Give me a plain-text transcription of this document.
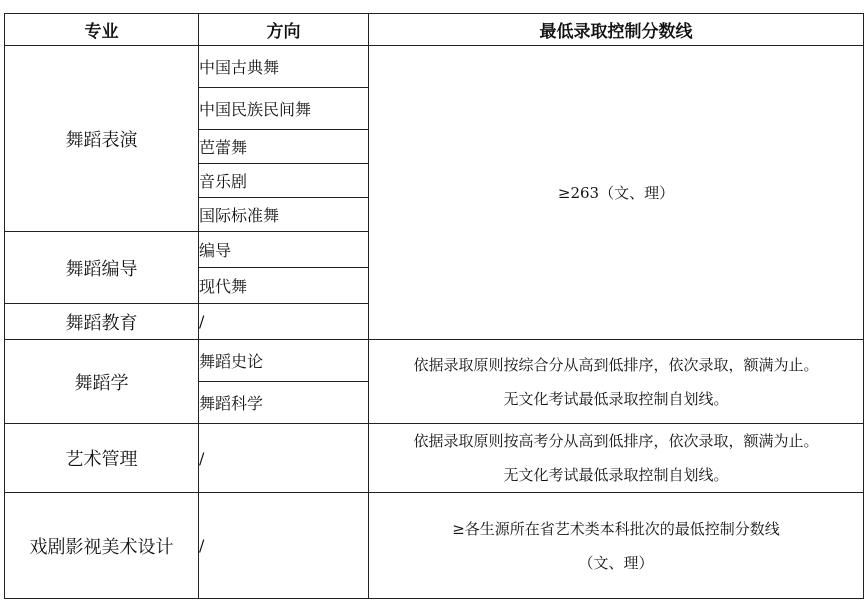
专业	方向	最低录取控制分数线
舞蹈表演	中国古典舞	≥263（文、理）
	中国民族民间舞	
	芭蕾舞	
	音乐剧	
	国际标准舞	
舞蹈编导	编导	
	现代舞	
舞蹈教育	/	
舞蹈学	舞蹈史论	依据录取原则按综合分从高到低排序，依次录取，额满为止。
无文化考试最低录取控制自划线。

	舞蹈科学	
艺术管理	/	依据录取原则按高考分从高到低排序，依次录取，额满为止。
无文化考试最低录取控制自划线。

戏剧影视美术设计	/	≥各生源所在省艺术类本科批次的最低控制分数线
（文、理）
